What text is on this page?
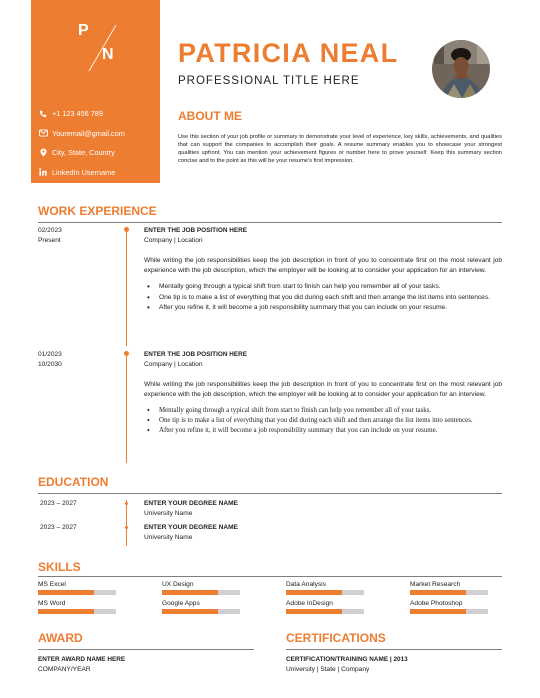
P
N
+1 123 456 789
Youremail@gmail.com
City, State, Country
LinkedIn Username
PATRICIA NEAL
PROFESSIONAL TITLE HERE
ABOUT ME
Use this section of your job profile or summary to demonstrate your level of experience, key skills, achievements, and qualities that can support the companies to accomplish their goals. A resume summary enables you to showcase your strongest qualities upfront. You can mention your achievement figures or number here to prove yourself. Keep this summary section concise and to the point as this will be your resume's first impression.
WORK EXPERIENCE
02/2023
Present
ENTER THE JOB POSITION HERE
Company | Location
While writing the job responsibilities keep the job description in front of you to concentrate first on the most relevant job experience with the job description, which the employer will be looking at to consider your application for an interview.
• Mentally going through a typical shift from start to finish can help you remember all of your tasks.
• One tip is to make a list of everything that you did during each shift and then arrange the list items into sentences.
• After you refine it, it will become a job responsibility summary that you can include on your resume.
01/2023
10/2030
ENTER THE JOB POSITION HERE
Company | Location
While writing the job responsibilities keep the job description in front of you to concentrate first on the most relevant job experience with the job description, which the employer will be looking at to consider your application for an interview.
• Mentally going through a typical shift from start to finish can help you remember all of your tasks.
• One tip is to make a list of everything that you did during each shift and then arrange the list items into sentences.
• After you refine it, it will become a job responsibility summary that you can include on your resume.
EDUCATION
2023 – 2027	ENTER YOUR DEGREE NAME
University Name
2023 – 2027	ENTER YOUR DEGREE NAME
University Name
SKILLS
MS Excel	UX Design	Data Analysis	Market Research
MS Word	Google Apps	Adobe InDesign	Adobe Photoshop
AWARD
ENTER AWARD NAME HERE
COMPANY/YEAR
CERTIFICATIONS
CERTIFICATION/TRAINING NAME | 2013
University | State | Company
